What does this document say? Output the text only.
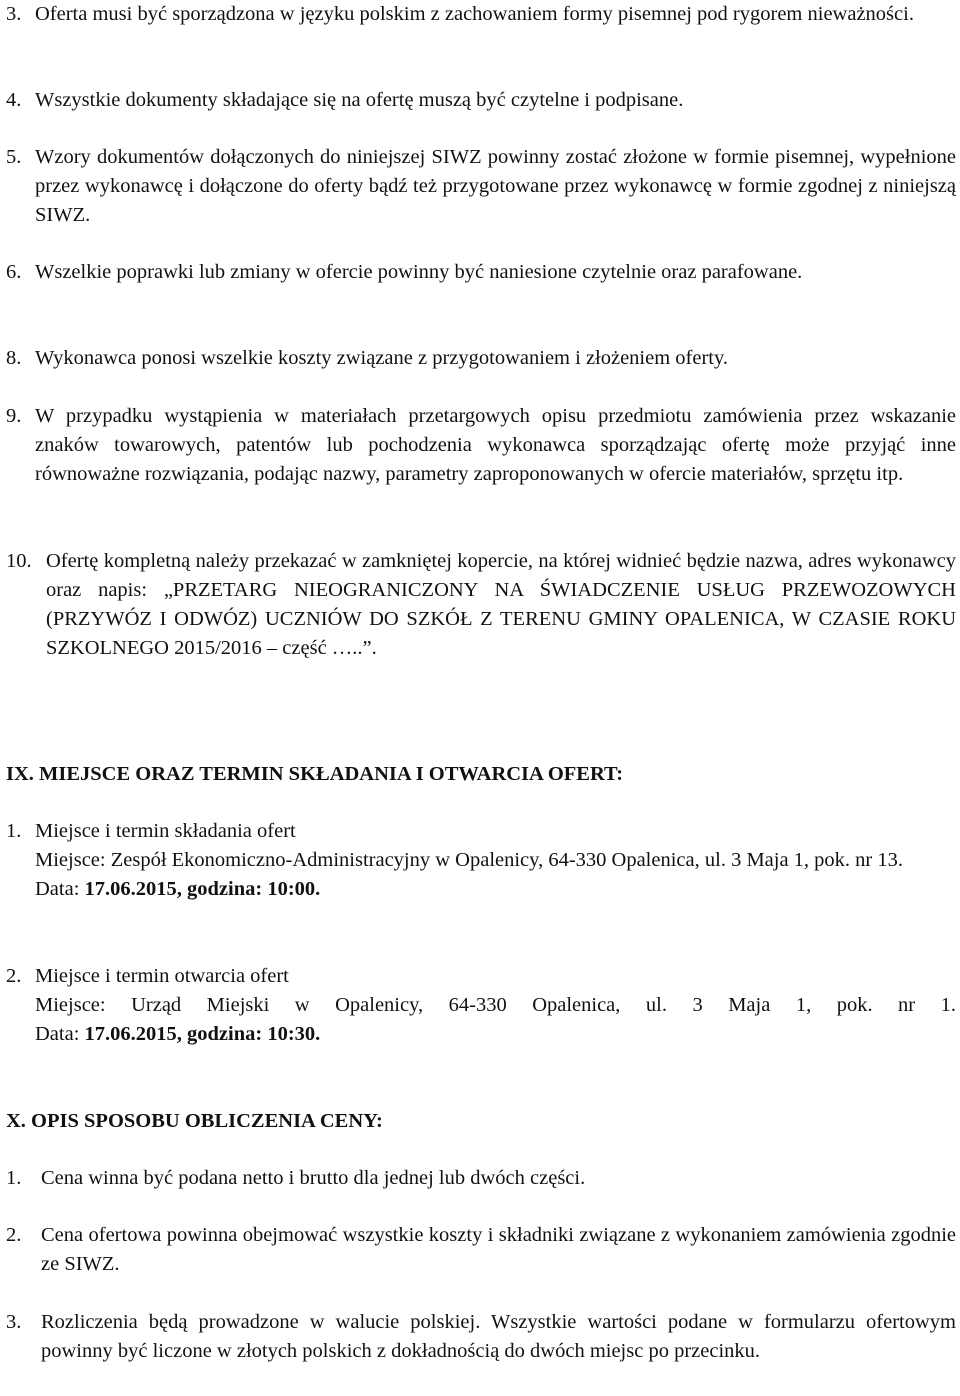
3. Oferta musi być sporządzona w języku polskim z zachowaniem formy pisemnej pod rygorem nieważności.
4. Wszystkie dokumenty składające się na ofertę muszą być czytelne i podpisane.
5. Wzory dokumentów dołączonych do niniejszej SIWZ powinny zostać złożone w formie pisemnej, wypełnione przez wykonawcę i dołączone do oferty bądź też przygotowane przez wykonawcę w formie zgodnej z niniejszą SIWZ.
6. Wszelkie poprawki lub zmiany w ofercie powinny być naniesione czytelnie oraz parafowane.
8. Wykonawca ponosi wszelkie koszty związane z przygotowaniem i złożeniem oferty.
9. W przypadku wystąpienia w materiałach przetargowych opisu przedmiotu zamówienia przez wskazanie znaków towarowych, patentów lub pochodzenia wykonawca sporządzając ofertę może przyjąć inne równoważne rozwiązania, podając nazwy, parametry zaproponowanych w ofercie materiałów, sprzętu itp.
10. Ofertę kompletną należy przekazać w zamkniętej kopercie, na której widnieć będzie nazwa, adres wykonawcy oraz napis: „PRZETARG NIEOGRANICZONY NA ŚWIADCZENIE USŁUG PRZEWOZOWYCH (PRZYWÓZ I ODWÓZ) UCZNIÓW DO SZKÓŁ Z TERENU GMINY OPALENICA, W CZASIE ROKU SZKOLNEGO 2015/2016 – część …..”.
IX. MIEJSCE ORAZ TERMIN SKŁADANIA I OTWARCIA OFERT:
1. Miejsce i termin składania ofert
Miejsce: Zespół Ekonomiczno-Administracyjny w Opalenicy, 64-330 Opalenica, ul. 3 Maja 1, pok. nr 13.
Data: 17.06.2015, godzina: 10:00.
2. Miejsce i termin otwarcia ofert
Miejsce: Urząd Miejski w Opalenicy, 64-330 Opalenica, ul. 3 Maja 1, pok. nr 1.
Data: 17.06.2015, godzina: 10:30.
X. OPIS SPOSOBU OBLICZENIA CENY:
1. Cena winna być podana netto i brutto dla jednej lub dwóch części.
2. Cena ofertowa powinna obejmować wszystkie koszty i składniki związane z wykonaniem zamówienia zgodnie ze SIWZ.
3. Rozliczenia będą prowadzone w walucie polskiej. Wszystkie wartości podane w formularzu ofertowym powinny być liczone w złotych polskich z dokładnością do dwóch miejsc po przecinku.
